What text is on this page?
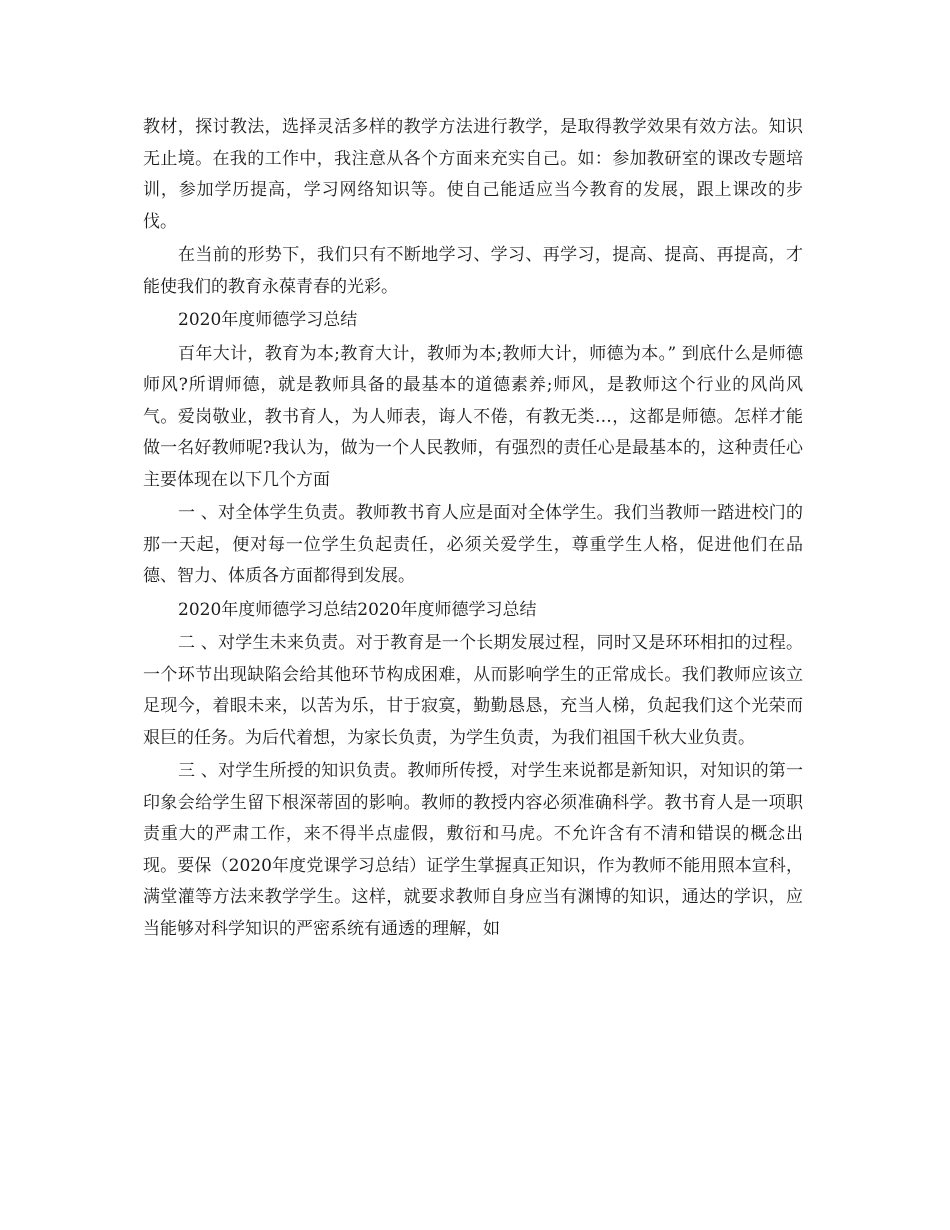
教材，探讨教法，选择灵活多样的教学方法进行教学，是取得教学效果有效方法。知识无止境。在我的工作中，我注意从各个方面来充实自己。如：参加教研室的课改专题培训，参加学历提高，学习网络知识等。使自己能适应当今教育的发展，跟上课改的步伐。

在当前的形势下，我们只有不断地学习、学习、再学习，提高、提高、再提高，才能使我们的教育永葆青春的光彩。

2020年度师德学习总结

百年大计，教育为本;教育大计，教师为本;教师大计，师德为本。” 到底什么是师德师风?所谓师德，就是教师具备的最基本的道德素养;师风，是教师这个行业的风尚风气。爱岗敬业，教书育人，为人师表，诲人不倦，有教无类…，这都是师德。怎样才能做一名好教师呢?我认为，做为一个人民教师，有强烈的责任心是最基本的，这种责任心主要体现在以下几个方面

一 、对全体学生负责。教师教书育人应是面对全体学生。我们当教师一踏进校门的那一天起，便对每一位学生负起责任，必须关爱学生，尊重学生人格，促进他们在品德、智力、体质各方面都得到发展。

2020年度师德学习总结2020年度师德学习总结

二 、对学生未来负责。对于教育是一个长期发展过程，同时又是环环相扣的过程。一个环节出现缺陷会给其他环节构成困难，从而影响学生的正常成长。我们教师应该立足现今，着眼未来，以苦为乐，甘于寂寞，勤勤恳恳，充当人梯，负起我们这个光荣而艰巨的任务。为后代着想，为家长负责，为学生负责，为我们祖国千秋大业负责。

三 、对学生所授的知识负责。教师所传授，对学生来说都是新知识，对知识的第一印象会给学生留下根深蒂固的影响。教师的教授内容必须准确科学。教书育人是一项职责重大的严肃工作，来不得半点虚假，敷衍和马虎。不允许含有不清和错误的概念出现。要保（2020年度党课学习总结）证学生掌握真正知识，作为教师不能用照本宣科，满堂灌等方法来教学学生。这样，就要求教师自身应当有渊博的知识，通达的学识，应当能够对科学知识的严密系统有通透的理解，如
